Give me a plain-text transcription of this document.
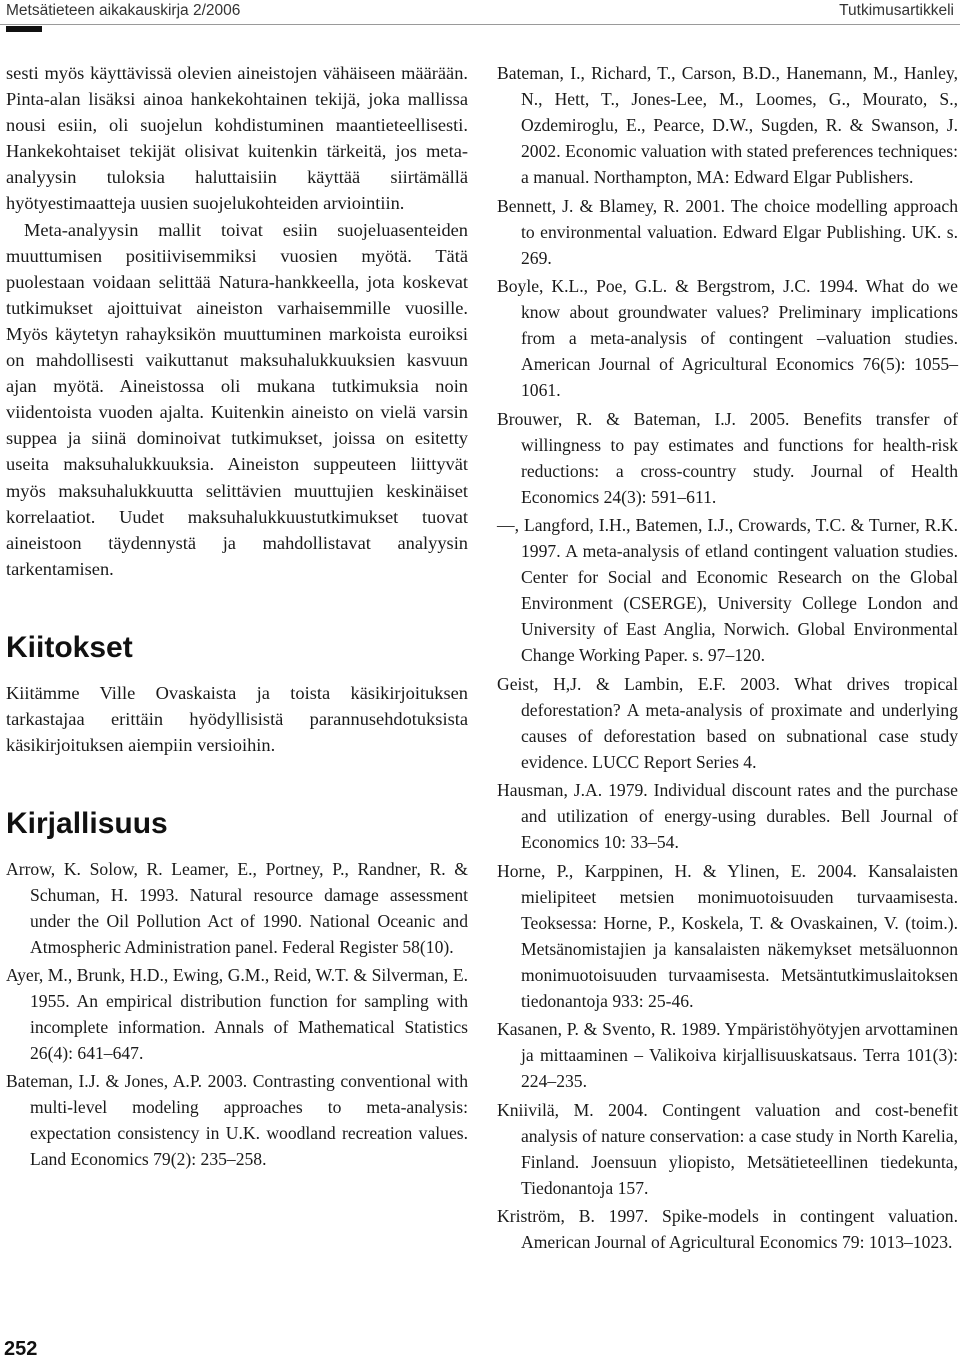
Metsätieteen aikakauskirja 2/2006	Tutkimusartikkeli

sesti myös käyttävissä olevien aineistojen vähäiseen määrään. Pinta-alan lisäksi ainoa hankekohtainen tekijä, joka mallissa nousi esiin, oli suojelun kohdistuminen maantieteellisesti. Hankekohtaiset tekijät olisivat kuitenkin tärkeitä, jos meta-analyysin tuloksia haluttaisiin käyttää siirtämällä hyötyestimaatteja uusien suojelukohteiden arviointiin.

Meta-analyysin mallit toivat esiin suojeluasenteiden muuttumisen positiivisemmiksi vuosien myötä. Tätä puolestaan voidaan selittää Natura-hankkeella, jota koskevat tutkimukset ajoittuivat aineiston varhaisemmille vuosille. Myös käytetyn rahayksikön muuttuminen markoista euroiksi on mahdollisesti vaikuttanut maksuhalukkuuksien kasvuun ajan myötä. Aineistossa oli mukana tutkimuksia noin viidentoista vuoden ajalta. Kuitenkin aineisto on vielä varsin suppea ja siinä dominoivat tutkimukset, joissa on esitetty useita maksuhalukkuuksia. Aineiston suppeuteen liittyvät myös maksuhalukkuutta selittävien muuttujien keskinäiset korrelaatiot. Uudet maksuhalukkuustutkimukset tuovat aineistoon täydennystä ja mahdollistavat analyysin tarkentamisen.

Kiitokset

Kiitämme Ville Ovaskaista ja toista käsikirjoituksen tarkastajaa erittäin hyödyllisistä parannusehdotuksista käsikirjoituksen aiempiin versioihin.

Kirjallisuus
Arrow, K. Solow, R. Leamer, E., Portney, P., Randner, R. & Schuman, H. 1993. Natural resource damage assessment under the Oil Pollution Act of 1990. National Oceanic and Atmospheric Administration panel. Federal Register 58(10).
Ayer, M., Brunk, H.D., Ewing, G.M., Reid, W.T. & Silverman, E. 1955. An empirical distribution function for sampling with incomplete information. Annals of Mathematical Statistics 26(4): 641–647.
Bateman, I.J. & Jones, A.P. 2003. Contrasting conventional with multi-level modeling approaches to meta-analysis: expectation consistency in U.K. woodland recreation values. Land Economics 79(2): 235–258.
Bateman, I., Richard, T., Carson, B.D., Hanemann, M., Hanley, N., Hett, T., Jones-Lee, M., Loomes, G., Mourato, S., Ozdemiroglu, E., Pearce, D.W., Sugden, R. & Swanson, J. 2002. Economic valuation with stated preferences techniques: a manual. Northampton, MA: Edward Elgar Publishers.
Bennett, J. & Blamey, R. 2001. The choice modelling approach to environmental valuation. Edward Elgar Publishing. UK. s. 269.
Boyle, K.L., Poe, G.L. & Bergstrom, J.C. 1994. What do we know about groundwater values? Preliminary implications from a meta-analysis of contingent –valuation studies. American Journal of Agricultural Economics 76(5): 1055–1061.
Brouwer, R. & Bateman, I.J. 2005. Benefits transfer of willingness to pay estimates and functions for health-risk reductions: a cross-country study. Journal of Health Economics 24(3): 591–611.
—, Langford, I.H., Batemen, I.J., Crowards, T.C. & Turner, R.K. 1997. A meta-analysis of etland contingent valuation studies. Center for Social and Economic Research on the Global Environment (CSERGE), University College London and University of East Anglia, Norwich. Global Environmental Change Working Paper. s. 97–120.
Geist, H,J. & Lambin, E.F. 2003. What drives tropical deforestation? A meta-analysis of proximate and underlying causes of deforestation based on subnational case study evidence. LUCC Report Series 4.
Hausman, J.A. 1979. Individual discount rates and the purchase and utilization of energy-using durables. Bell Journal of Economics 10: 33–54.
Horne, P., Karppinen, H. & Ylinen, E. 2004. Kansalaisten mielipiteet metsien monimuotoisuuden turvaamisesta. Teoksessa: Horne, P., Koskela, T. & Ovaskainen, V. (toim.). Metsänomistajien ja kansalaisten näkemykset metsäluonnon monimuotoisuuden turvaamisesta. Metsäntutkimuslaitoksen tiedonantoja 933: 25-46.
Kasanen, P. & Svento, R. 1989. Ympäristöhyötyjen arvottaminen ja mittaaminen – Valikoiva kirjallisuuskatsaus. Terra 101(3): 224–235.
Kniivilä, M. 2004. Contingent valuation and cost-benefit analysis of nature conservation: a case study in North Karelia, Finland. Joensuun yliopisto, Metsätieteellinen tiedekunta, Tiedonantoja 157.
Kriström, B. 1997. Spike-models in contingent valuation. American Journal of Agricultural Economics 79: 1013–1023.
252
